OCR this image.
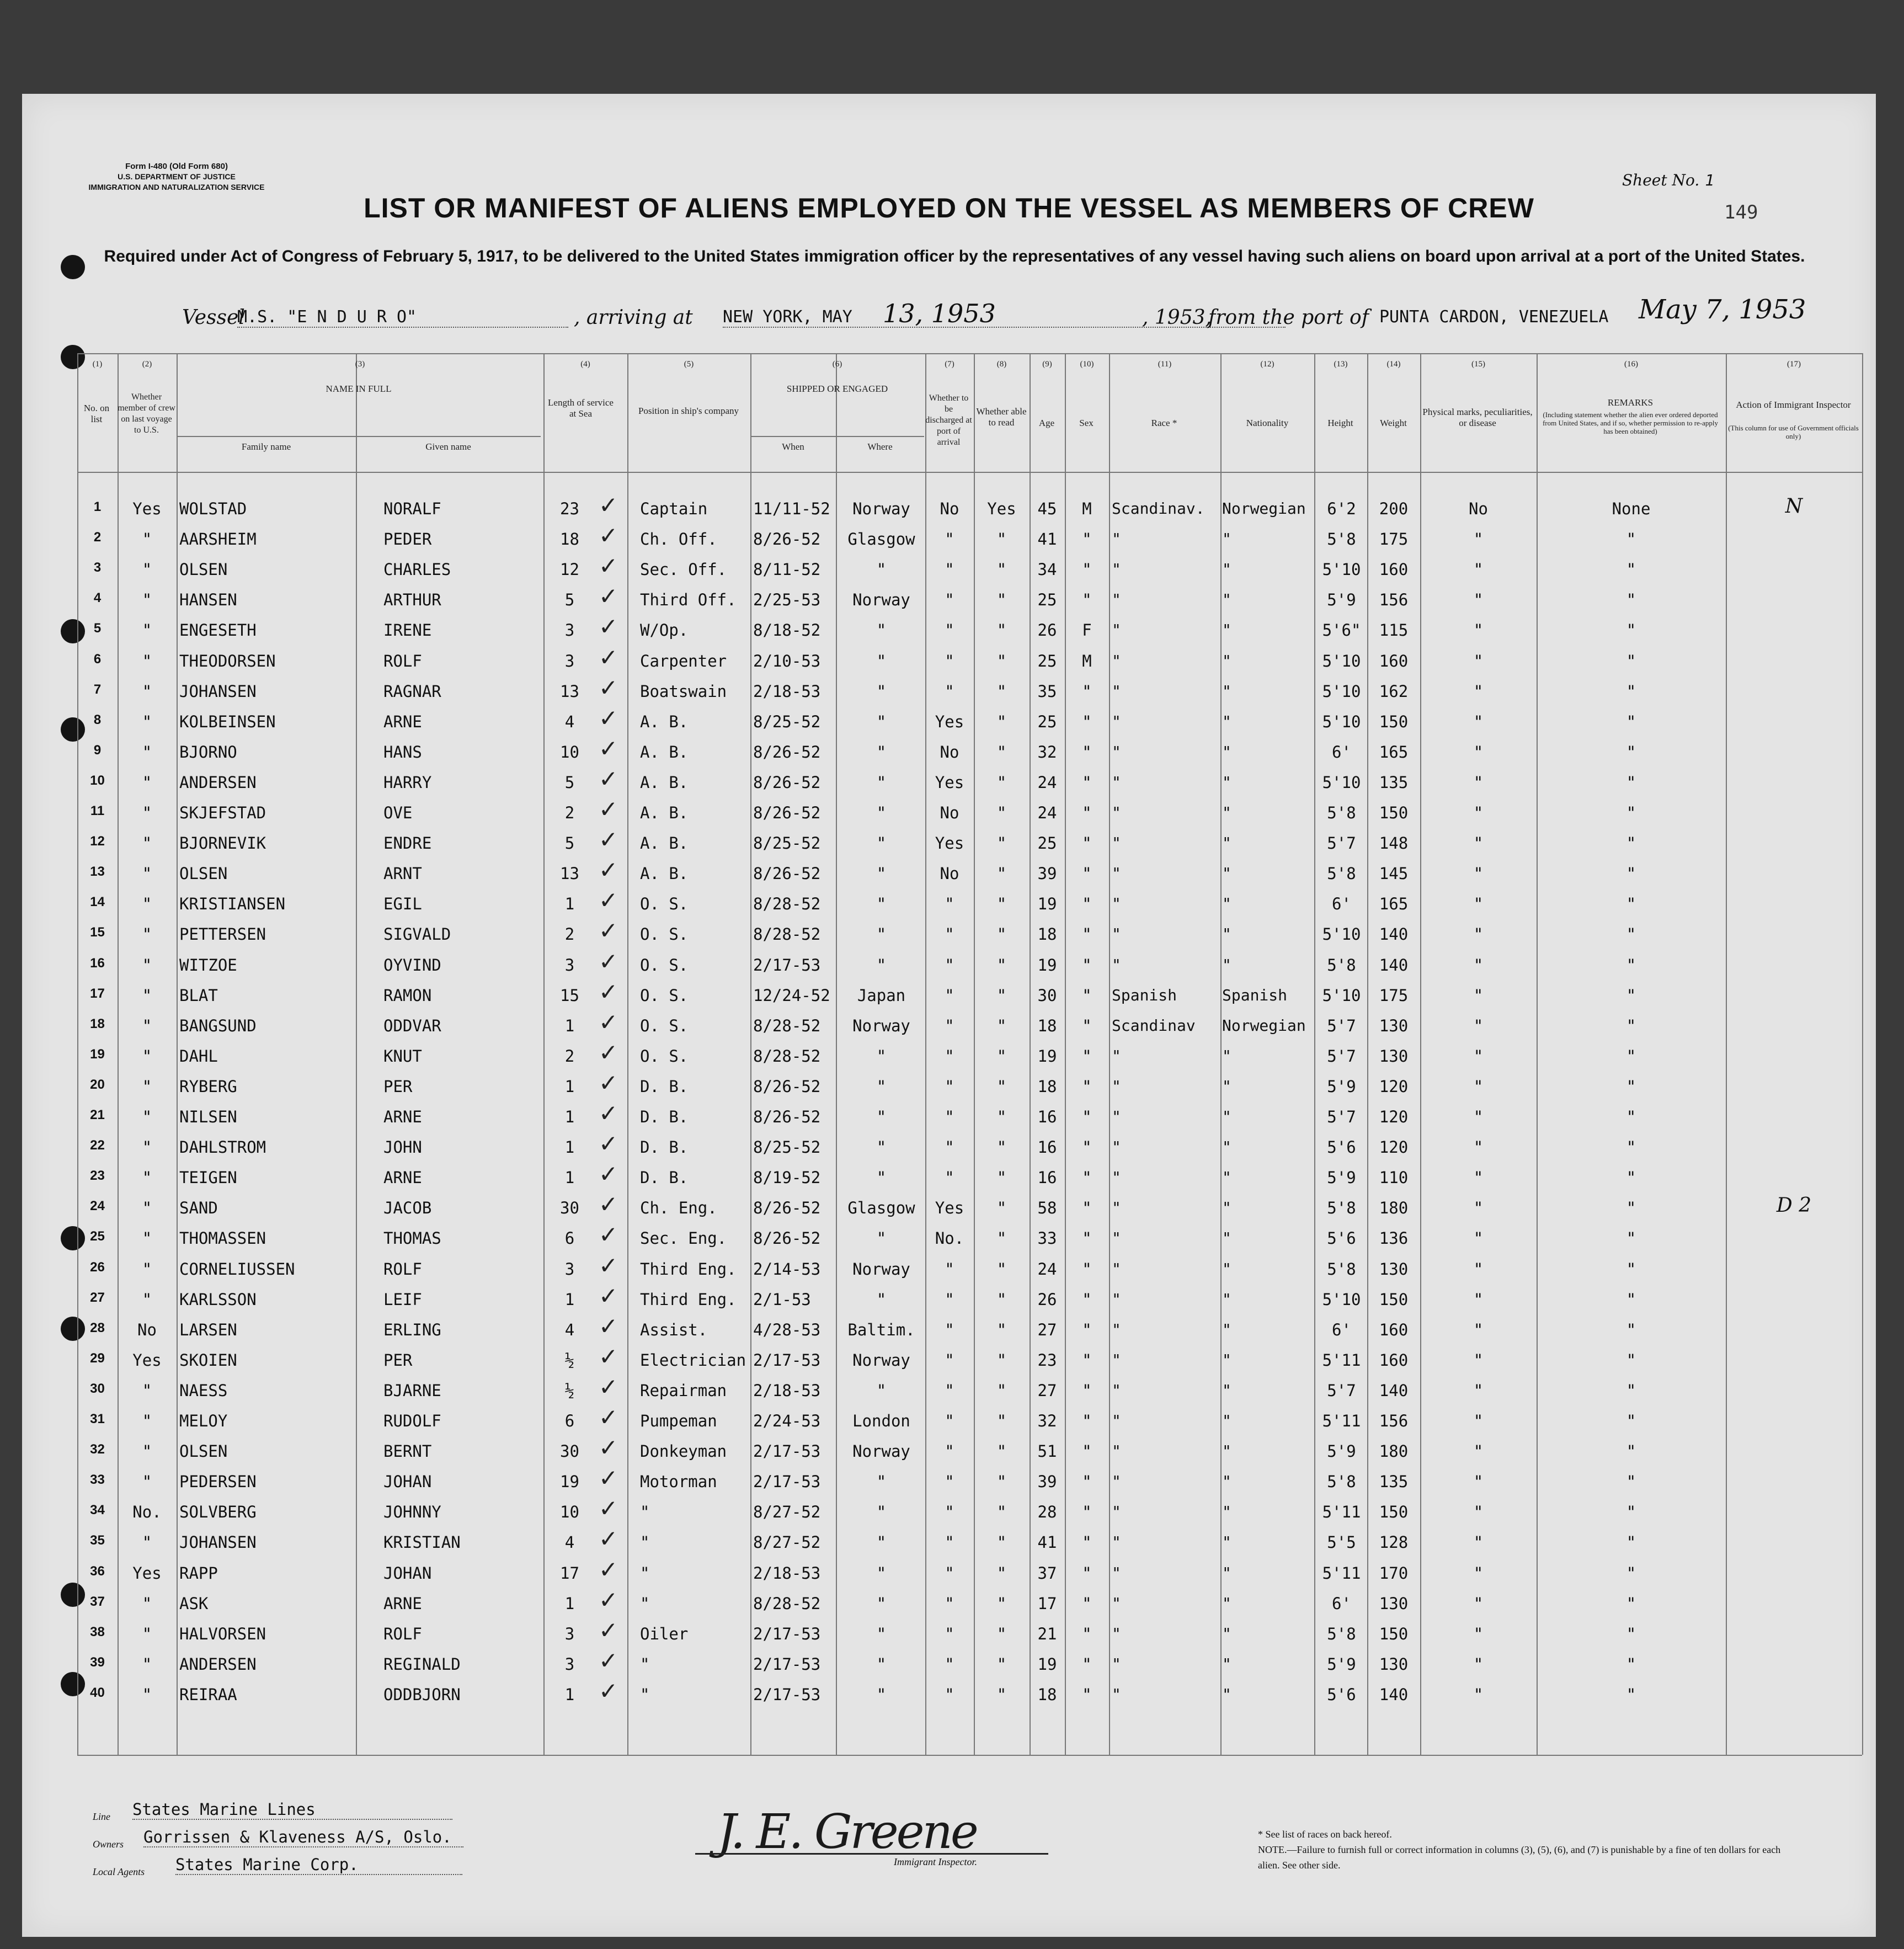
Form I-480 (Old Form 680)
U.S. DEPARTMENT OF JUSTICE
IMMIGRATION AND NATURALIZATION SERVICE	Sheet No. 1
149
LIST OR MANIFEST OF ALIENS EMPLOYED ON THE VESSEL AS MEMBERS OF CREW
Required under Act of Congress of February 5, 1917, to be delivered to the United States immigration officer by the representatives of any vessel having such aliens on board upon arrival at a port of the United States.
Vessel
M.S. "E N D U R O"	, arriving at NEW YORK, MAY	13, 1953	, 1953,
from the port of PUNTA CARDON, VENEZUELA May 7, 1953
No. on list
Whether member of crew on last voyage to U.S.
NAME IN FULL
Family name	Given name
Length of service at Sea	Position in ship's company
SHIPPED OR ENGAGED
When	Where
Whether to be discharged at port of arrival
Whether able to read	Age	Sex	Race *	Nationality	Height	Weight
Physical marks, peculiarities, or disease
REMARKS
(Including statement whether the alien ever ordered deported from United States, and if so, whether permission to re-apply has been obtained)
Action of Immigrant Inspector
(This column for use of Government officials only)
(1)	(2)	(3)	(4)	(5)	(6)	(7)	(8)	(9)	(10)	(11)	(12)	(13)	(14)	(15)	(16)	(17)
1	Yes	WOLSTAD	NORALF	23	Captain	11/11-52	Norway	No	Yes	45	M	Scandinav.	Norwegian	6'2	200	No	None	N
✓
2	"	AARSHEIM	PEDER	18	Ch. Off.	8/26-52	Glasgow	"	"	41	"	"	"	5'8	175	"	"
✓
3	"	OLSEN	CHARLES	12	Sec. Off.	8/11-52	"	"	"	34	"	"	"	5'10	160	"	"
✓
4	"	HANSEN	ARTHUR	5	Third Off.	2/25-53	Norway	"	"	25	"	"	"	5'9	156	"	"
✓
5	"	ENGESETH	IRENE	3	W/Op.	8/18-52	"	"	"	26	F	"	"	5'6"	115	"	"
✓
6	"	THEODORSEN	ROLF	3	Carpenter	2/10-53	"	"	"	25	M	"	"	5'10	160	"	"
✓
7	"	JOHANSEN	RAGNAR	13	Boatswain	2/18-53	"	"	"	35	"	"	"	5'10	162	"	"
✓
8	"	KOLBEINSEN	ARNE	4	A. B.	8/25-52	"	Yes	"	25	"	"	"	5'10	150	"	"
✓
9	"	BJORNO	HANS	10	A. B.	8/26-52	"	No	"	32	"	"	"	6'	165	"	"
✓
10	"	ANDERSEN	HARRY	5	A. B.	8/26-52	"	Yes	"	24	"	"	"	5'10	135	"	"
✓
11	"	SKJEFSTAD	OVE	2	A. B.	8/26-52	"	No	"	24	"	"	"	5'8	150	"	"
✓
12	"	BJORNEVIK	ENDRE	5	A. B.	8/25-52	"	Yes	"	25	"	"	"	5'7	148	"	"
✓
13	"	OLSEN	ARNT	13	A. B.	8/26-52	"	No	"	39	"	"	"	5'8	145	"	"
✓
14	"	KRISTIANSEN	EGIL	1	O. S.	8/28-52	"	"	"	19	"	"	"	6'	165	"	"
✓
15	"	PETTERSEN	SIGVALD	2	O. S.	8/28-52	"	"	"	18	"	"	"	5'10	140	"	"
✓
16	"	WITZOE	OYVIND	3	O. S.	2/17-53	"	"	"	19	"	"	"	5'8	140	"	"
✓
17	"	BLAT	RAMON	15	O. S.	12/24-52	Japan	"	"	30	"	Spanish	Spanish	5'10	175	"	"
✓
18	"	BANGSUND	ODDVAR	1	O. S.	8/28-52	Norway	"	"	18	"	Scandinav	Norwegian	5'7	130	"	"
✓
19	"	DAHL	KNUT	2	O. S.	8/28-52	"	"	"	19	"	"	"	5'7	130	"	"
✓
20	"	RYBERG	PER	1	D. B.	8/26-52	"	"	"	18	"	"	"	5'9	120	"	"
✓
21	"	NILSEN	ARNE	1	D. B.	8/26-52	"	"	"	16	"	"	"	5'7	120	"	"
✓
22	"	DAHLSTROM	JOHN	1	D. B.	8/25-52	"	"	"	16	"	"	"	5'6	120	"	"
✓
23	"	TEIGEN	ARNE	1	D. B.	8/19-52	"	"	"	16	"	"	"	5'9	110	"	"
✓
24	"	SAND	JACOB	30	Ch. Eng.	8/26-52	Glasgow	Yes	"	58	"	"	"	5'8	180	"	"	D 2
✓
25	"	THOMASSEN	THOMAS	6	Sec. Eng.	8/26-52	"	No.	"	33	"	"	"	5'6	136	"	"
✓
26	"	CORNELIUSSEN	ROLF	3	Third Eng.	2/14-53	Norway	"	"	24	"	"	"	5'8	130	"	"
✓
27	"	KARLSSON	LEIF	1	Third Eng.	2/1-53	"	"	"	26	"	"	"	5'10	150	"	"
✓
28	No	LARSEN	ERLING	4	Assist.	4/28-53	Baltim.	"	"	27	"	"	"	6'	160	"	"
✓
29	Yes	SKOIEN	PER	½	Electrician 2/17-53	Norway	"	"	23	"	"	"	5'11	160	"	"
✓
30	"	NAESS	BJARNE	½	Repairman	2/18-53	"	"	"	27	"	"	"	5'7	140	"	"
✓
31	"	MELOY	RUDOLF	6	Pumpeman	2/24-53	London	"	"	32	"	"	"	5'11	156	"	"
✓
32	"	OLSEN	BERNT	30	Donkeyman	2/17-53	Norway	"	"	51	"	"	"	5'9	180	"	"
✓
33	"	PEDERSEN	JOHAN	19	Motorman	2/17-53	"	"	"	39	"	"	"	5'8	135	"	"
✓
34	No.	SOLVBERG	JOHNNY	10	"	8/27-52	"	"	"	28	"	"	"	5'11	150	"	"
✓
35	"	JOHANSEN	KRISTIAN	4	"	8/27-52	"	"	"	41	"	"	"	5'5	128	"	"
✓
36	Yes	RAPP	JOHAN	17	"	2/18-53	"	"	"	37	"	"	"	5'11	170	"	"
✓
37	"	ASK	ARNE	1	"	8/28-52	"	"	"	17	"	"	"	6'	130	"	"
✓
38	"	HALVORSEN	ROLF	3	Oiler	2/17-53	"	"	"	21	"	"	"	5'8	150	"	"
✓
39	"	ANDERSEN	REGINALD	3	"	2/17-53	"	"	"	19	"	"	"	5'9	130	"	"
✓
40	"	REIRAA	ODDBJORN	1	"	2/17-53	"	"	"	18	"	"	"	5'6	140	"	"
✓
Line States Marine Lines
Owners Gorrissen & Klaveness A/S, Oslo.
Local Agents States Marine Corp.
J. E. Greene
Immigrant Inspector.
* See list of races on back hereof.
NOTE.—Failure to furnish full or correct information in columns (3), (5), (6), and (7) is punishable by a fine of ten dollars for each alien. See other side.
